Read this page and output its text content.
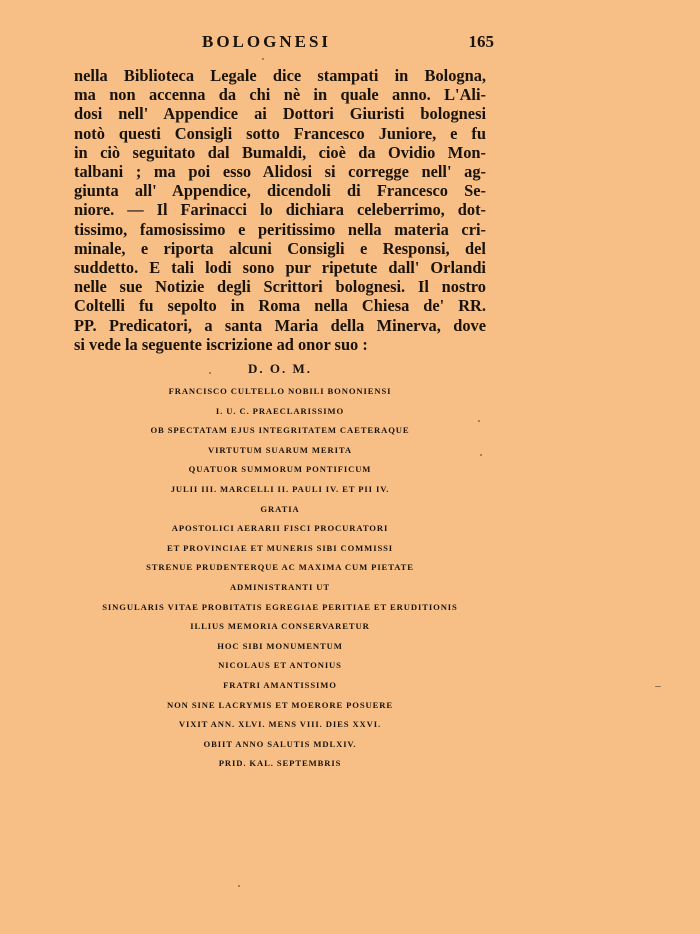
BOLOGNESI	165
nella Biblioteca Legale dice stampati in Bologna,
ma non accenna da chi nè in quale anno. L'Ali-
dosi nell' Appendice ai Dottori Giuristi bolognesi
notò questi Consigli sotto Francesco Juniore, e fu
in ciò seguitato dal Bumaldi, cioè da Ovidio Mon-
talbani ; ma poi esso Alidosi si corregge nell' ag-
giunta all' Appendice, dicendoli di Francesco Se-
niore. — Il Farinacci lo dichiara celeberrimo, dot-
tissimo, famosissimo e peritissimo nella materia cri-
minale, e riporta alcuni Consigli e Responsi, del
suddetto. E tali lodi sono pur ripetute dall' Orlandi
nelle sue Notizie degli Scrittori bolognesi. Il nostro
Coltelli fu sepolto in Roma nella Chiesa de' RR.
PP. Predicatori, a santa Maria della Minerva, dove
si vede la seguente iscrizione ad onor suo :
D. O. M.
FRANCISCO CULTELLO NOBILI BONONIENSI
I. U. C. PRAECLARISSIMO
OB SPECTATAM EJUS INTEGRITATEM CAETERAQUE
VIRTUTUM SUARUM MERITA
QUATUOR SUMMORUM PONTIFICUM
JULII III. MARCELLI II. PAULI IV. ET PII IV.
GRATIA
APOSTOLICI AERARII FISCI PROCURATORI
ET PROVINCIAE ET MUNERIS SIBI COMMISSI
STRENUE PRUDENTERQUE AC MAXIMA CUM PIETATE
ADMINISTRANTI UT
SINGULARIS VITAE PROBITATIS EGREGIAE PERITIAE ET ERUDITIONIS
ILLIUS MEMORIA CONSERVARETUR
HOC SIBI MONUMENTUM
NICOLAUS ET ANTONIUS
FRATRI AMANTISSIMO
NON SINE LACRYMIS ET MOERORE POSUERE
VIXIT ANN. XLVI. MENS VIII. DIES XXVI.
OBIIT ANNO SALUTIS MDLXIV.
PRID. KAL. SEPTEMBRIS
